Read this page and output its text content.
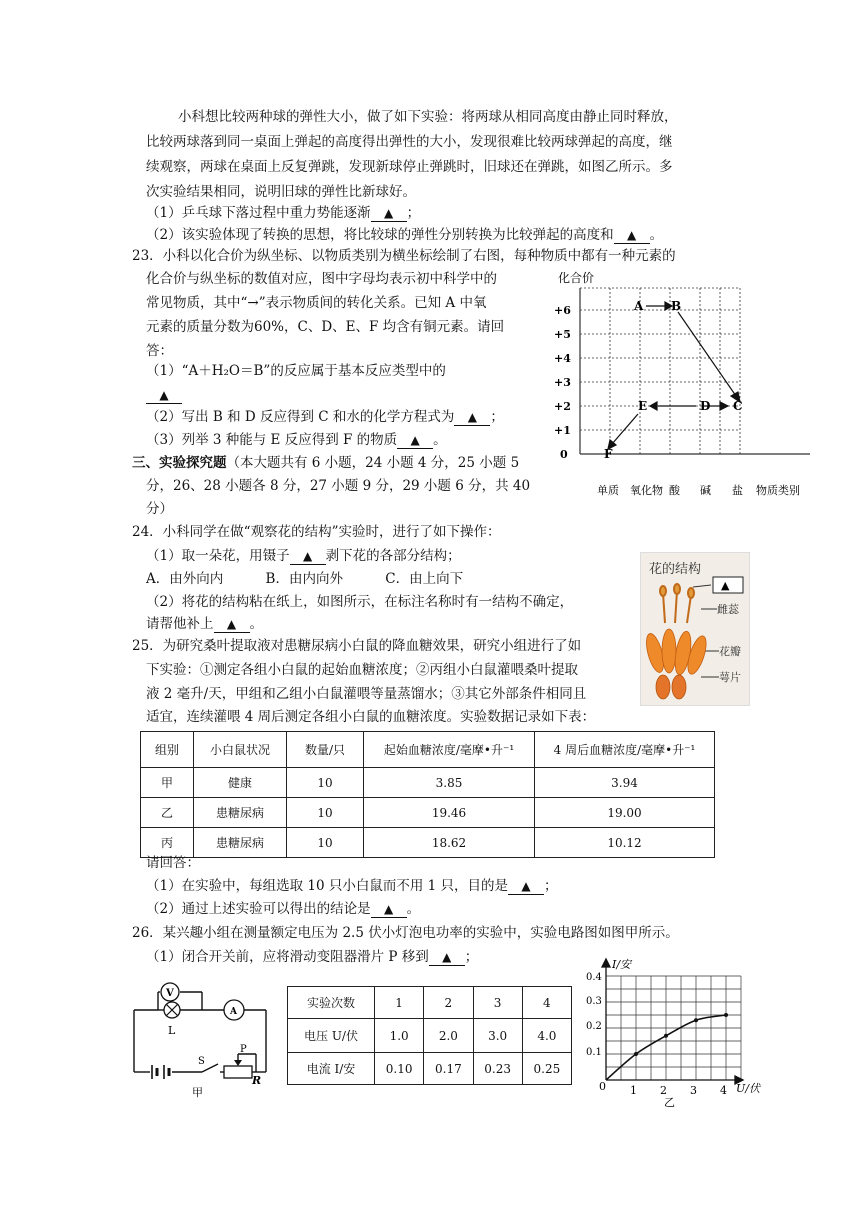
小科想比较两种球的弹性大小，做了如下实验：将两球从相同高度由静止同时释放，
比较两球落到同一桌面上弹起的高度得出弹性的大小，发现很难比较两球弹起的高度，继
续观察，两球在桌面上反复弹跳，发现新球停止弹跳时，旧球还在弹跳，如图乙所示。多
次实验结果相同，说明旧球的弹性比新球好。
（1）乒乓球下落过程中重力势能逐渐 ▲ ；
（2）该实验体现了转换的思想，将比较球的弹性分别转换为比较弹起的高度和 ▲ 。
23．小科以化合价为纵坐标、以物质类别为横坐标绘制了右图，每种物质中都有一种元素的
化合价与纵坐标的数值对应，图中字母均表示初中科学中的
常见物质，其中“→”表示物质间的转化关系。已知 A 中氧
元素的质量分数为60%，C、D、E、F 均含有铜元素。请回
答：
（1）“A＋H₂O＝B”的反应属于基本反应类型中的
▲
（2）写出 B 和 D 反应得到 C 和水的化学方程式为 ▲ ；
（3）列举 3 种能与 E 反应得到 F 的物质 ▲ 。
化合价
+6
+5
+4
+3
+2
+1
0
A B
C
D
E
F
单质 氧化物 酸 碱 盐 物质类别
三、实验探究题（本大题共有 6 小题，24 小题 4 分，25 小题 5
分，26、28 小题各 8 分，27 小题 9 分，29 小题 6 分，共 40
分）
24．小科同学在做“观察花的结构”实验时，进行了如下操作：
（1）取一朵花，用镊子 ▲ 剥下花的各部分结构；
A．由外向内	B．由内向外	C．由上向下
（2）将花的结构粘在纸上，如图所示，在标注名称时有一结构不确定，
请帮他补上 ▲ 。
花的结构
▲
雌蕊
花瓣
萼片
25．为研究桑叶提取液对患糖尿病小白鼠的降血糖效果，研究小组进行了如
下实验：①测定各组小白鼠的起始血糖浓度；②丙组小白鼠灌喂桑叶提取
液 2 毫升/天，甲组和乙组小白鼠灌喂等量蒸馏水；③其它外部条件相同且
适宜，连续灌喂 4 周后测定各组小白鼠的血糖浓度。实验数据记录如下表：
组别	小白鼠状况	数量/只	起始血糖浓度/毫摩•升⁻¹	4 周后血糖浓度/毫摩•升⁻¹
甲	健康	10	3.85	3.94
乙	患糖尿病	10	19.46	19.00
丙	患糖尿病	10	18.62	10.12
请回答：
（1）在实验中，每组选取 10 只小白鼠而不用 1 只，目的是 ▲ ；
（2）通过上述实验可以得出的结论是 ▲ 。
26．某兴趣小组在测量额定电压为 2.5 伏小灯泡电功率的实验中，实验电路图如图甲所示。
（1）闭合开关前，应将滑动变阻器滑片 P 移到 ▲ ；
V
L
A
S
P
R
甲
实验次数	1	2	3	4
电压 U/伏	1.0	2.0	3.0	4.0
电流 I/安	0.10	0.17	0.23	0.25
I/安
U/伏
0
0.4
0.3
0.2
0.1
1 2 3 4
乙
